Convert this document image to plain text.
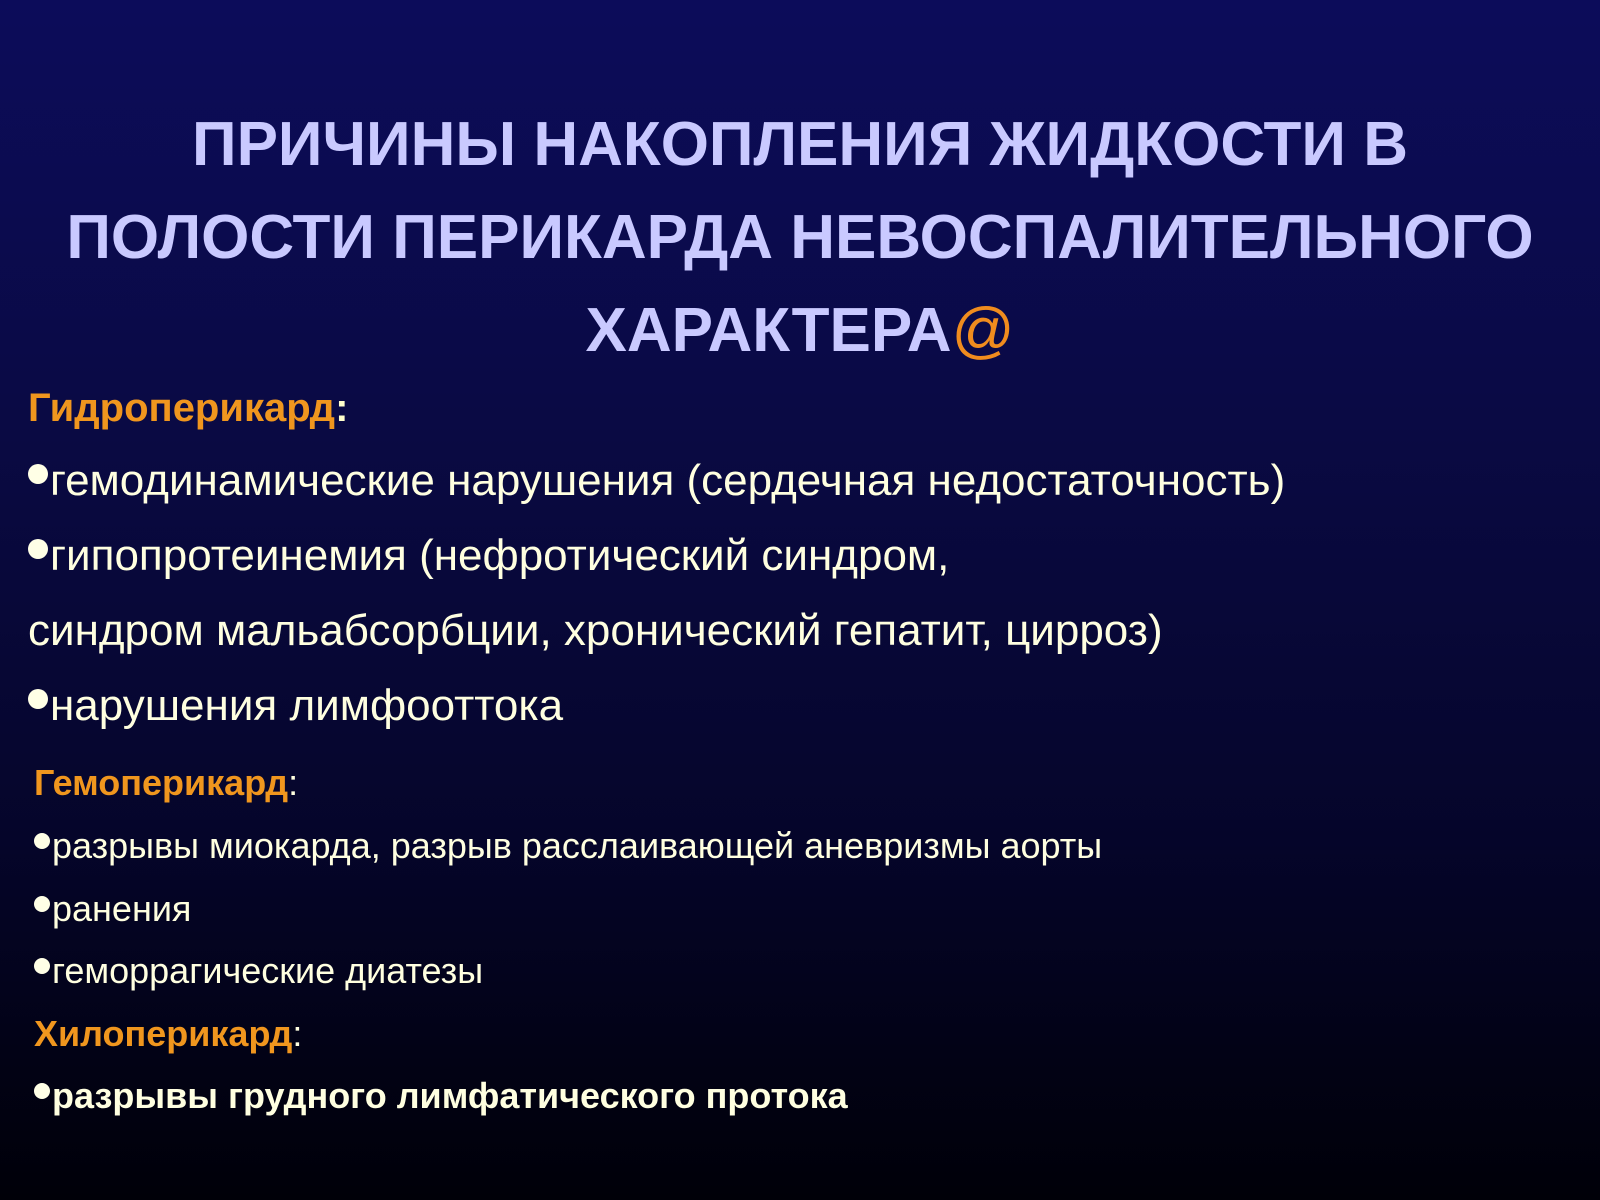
ПРИЧИНЫ НАКОПЛЕНИЯ ЖИДКОСТИ В
ПОЛОСТИ ПЕРИКАРДА НЕВОСПАЛИТЕЛЬНОГО
ХАРАКТЕРА@

Гидроперикард:

гемодинамические нарушения (сердечная недостаточность)

гипопротеинемия (нефротический синдром,

синдром мальабсорбции, хронический гепатит, цирроз)

нарушения лимфооттока

Гемоперикард:

разрывы миокарда, разрыв расслаивающей аневризмы аорты

ранения

геморрагические диатезы

Хилоперикард:

разрывы грудного лимфатического протока
